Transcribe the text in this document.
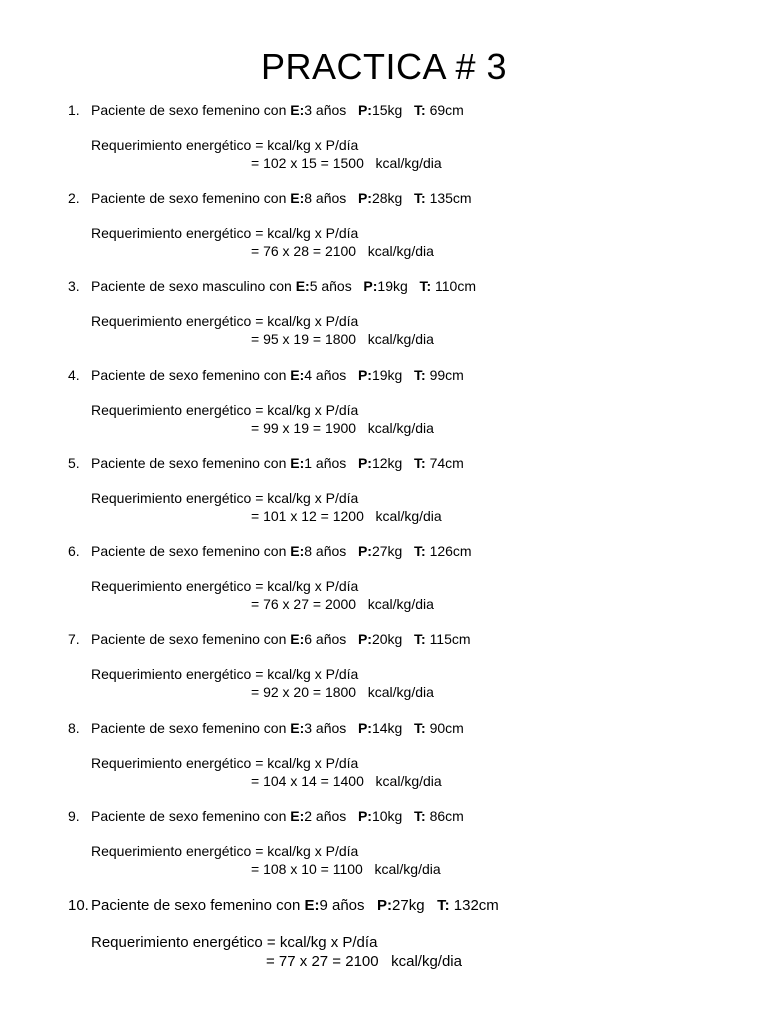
PRACTICA # 3
1. Paciente de sexo femenino con E:3 años P:15kg T: 69cm
Requerimiento energético = kcal/kg x P/día
= 102 x 15 = 1500   kcal/kg/dia
2. Paciente de sexo femenino con E:8 años P:28kg T: 135cm
Requerimiento energético = kcal/kg x P/día
= 76 x 28 = 2100   kcal/kg/dia
3. Paciente de sexo masculino con E:5 años P:19kg T: 110cm
Requerimiento energético = kcal/kg x P/día
= 95 x 19 = 1800   kcal/kg/dia
4. Paciente de sexo femenino con E:4 años P:19kg T: 99cm
Requerimiento energético = kcal/kg x P/día
= 99 x 19 = 1900   kcal/kg/dia
5. Paciente de sexo femenino con E:1 años P:12kg T: 74cm
Requerimiento energético = kcal/kg x P/día
= 101 x 12 = 1200   kcal/kg/dia
6. Paciente de sexo femenino con E:8 años P:27kg T: 126cm
Requerimiento energético = kcal/kg x P/día
= 76 x 27 = 2000   kcal/kg/dia
7. Paciente de sexo femenino con E:6 años P:20kg T: 115cm
Requerimiento energético = kcal/kg x P/día
= 92 x 20 = 1800   kcal/kg/dia
8. Paciente de sexo femenino con E:3 años P:14kg T: 90cm
Requerimiento energético = kcal/kg x P/día
= 104 x 14 = 1400   kcal/kg/dia
9. Paciente de sexo femenino con E:2 años P:10kg T: 86cm
Requerimiento energético = kcal/kg x P/día
= 108 x 10 = 1100   kcal/kg/dia
10. Paciente de sexo femenino con E:9 años P:27kg T: 132cm
Requerimiento energético = kcal/kg x P/día
= 77 x 27 = 2100   kcal/kg/dia
